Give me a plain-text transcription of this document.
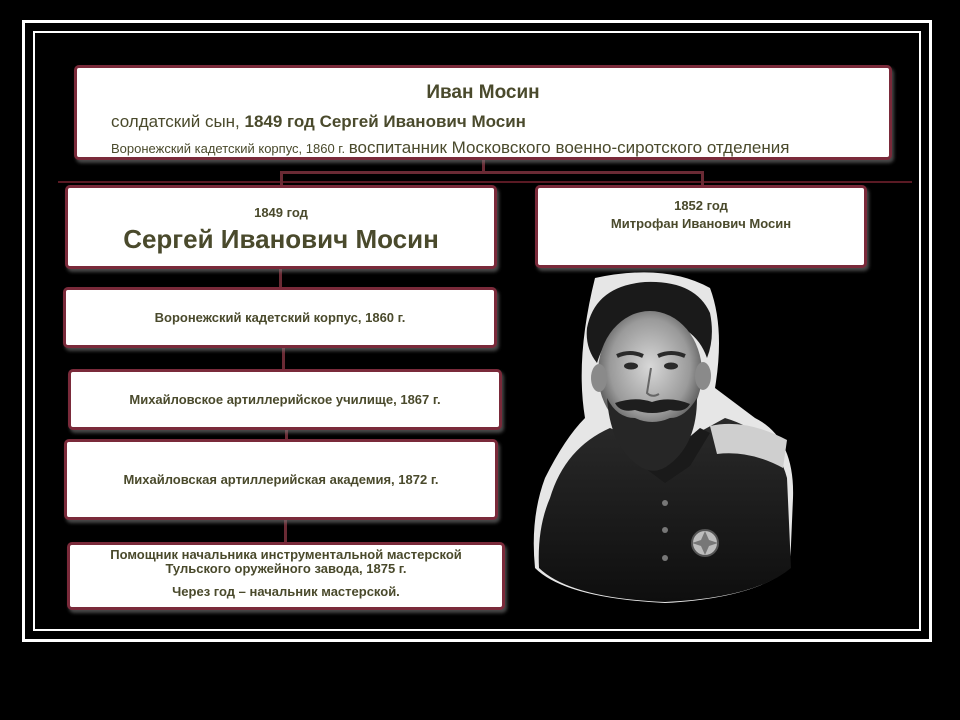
Иван Мосин
солдатский сын, 1849 год Сергей Иванович Мосин
Воронежский кадетский корпус, 1860 г. воспитанник Московского военно-сиротского отделения
1849 год
Сергей Иванович Мосин
1852 год
Митрофан Иванович Мосин
Воронежский кадетский корпус, 1860 г.
Михайловское артиллерийское училище, 1867 г.
Михайловская артиллерийская академия, 1872 г.
Помощник начальника инструментальной мастерской
Тульского оружейного завода, 1875 г.
Через год – начальник мастерской.
